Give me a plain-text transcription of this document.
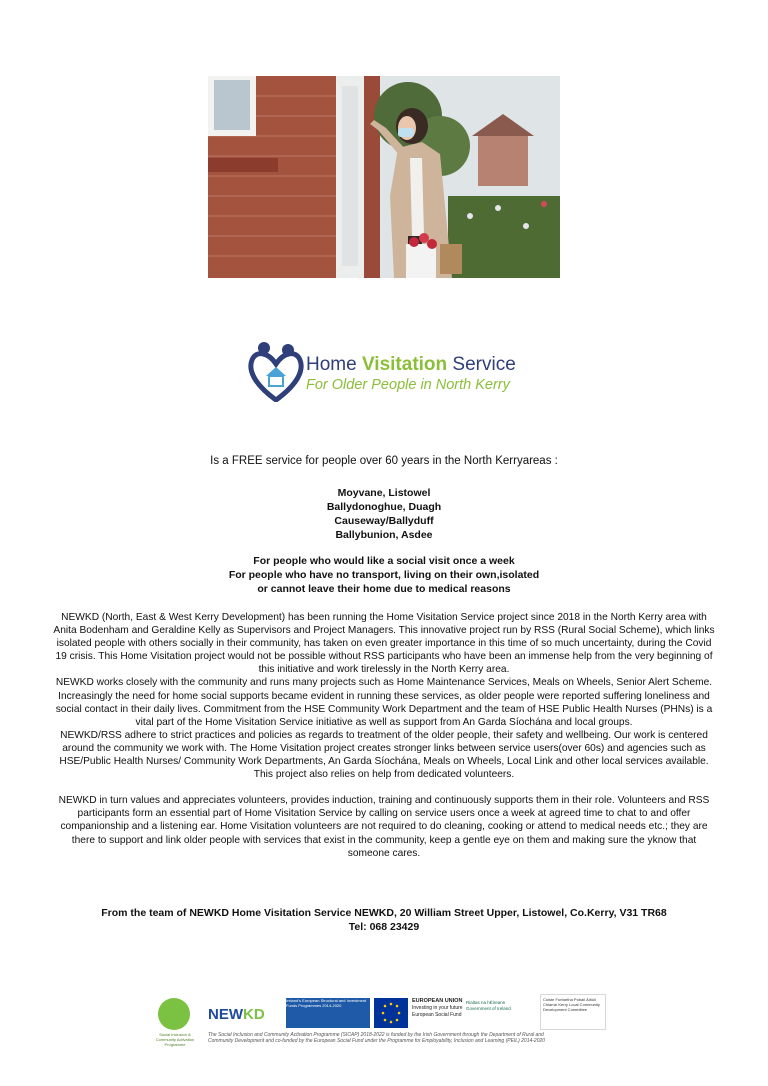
Home Visitation Service
For Older People in North Kerry
Is a FREE service for people over 60 years in the North Kerryareas :
Moyvane, Listowel
Ballydonoghue, Duagh
Causeway/Ballyduff
Ballybunion, Asdee
For people who would like a social visit once a week
For people who have no transport, living on their own,isolated
or cannot leave their home due to medical reasons

NEWKD (North, East & West Kerry Development) has been running the Home Visitation Service project since 2018 in the North Kerry area with Anita Bodenham and Geraldine Kelly as Supervisors and Project Managers. This innovative project run by RSS (Rural Social Scheme), which links isolated people with others socially in their community, has taken on even greater importance in this time of so much uncertainty, during the Covid 19 crisis. This Home Visitation project would not be possible without RSS participants who have been an immense help from the very beginning of this initiative and work tirelessly in the North Kerry area.

NEWKD works closely with the community and runs many projects such as Home Maintenance Services, Meals on Wheels, Senior Alert Scheme. Increasingly the need for home social supports became evident in running these services, as older people were reported suffering loneliness and social contact in their daily lives. Commitment from the HSE Community Work Department and the team of HSE Public Health Nurses (PHNs) is a vital part of the Home Visitation Service initiative as well as support from An Garda Síochána and local groups.

NEWKD/RSS adhere to strict practices and policies as regards to treatment of the older people, their safety and wellbeing. Our work is centered around the community we work with. The Home Visitation project creates stronger links between service users(over 60s) and agencies such as HSE/Public Health Nurses/ Community Work Departments, An Garda Síochána, Meals on Wheels, Local Link and other local services available. This project also relies on help from dedicated volunteers.

NEWKD in turn values and appreciates volunteers, provides induction, training and continuously supports them in their role. Volunteers and RSS participants form an essential part of Home Visitation Service by calling on service users once a week at agreed time to chat to and offer companionship and a listening ear. Home Visitation volunteers are not required to do cleaning, cooking or attend to medical needs etc.; they are there to support and link older people with services that exist in the community, keep a gentle eye on them and making sure the yknow that someone cares.

From the team of NEWKD Home Visitation Service NEWKD, 20 William Street Upper, Listowel, Co.Kerry, V31 TR68
Tel: 068 23429
Social Inclusion & Community Activation Programme
NEWKD
Ireland's European Structural and Investment Funds Programmes 2014-2020
EUROPEAN UNION
Investing in your future
European Social Fund
Rialtas na hÉireann
Government of Ireland
Coiste Forbartha Pobail Áitiúil Chiarraí Kerry Local Community Development Committee
The Social Inclusion and Community Activation Programme (SICAP) 2018-2022 is funded by the Irish Government through the Department of Rural and Community Development and co-funded by the European Social Fund under the Programme for Employability, Inclusion and Learning (PEIL) 2014-2020
